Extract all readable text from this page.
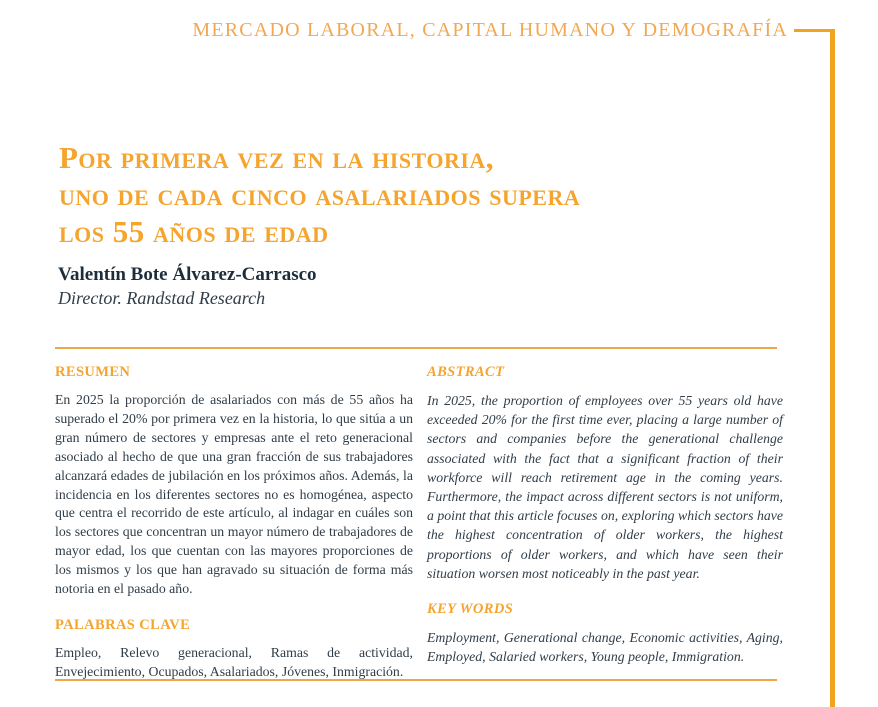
MERCADO LABORAL, CAPITAL HUMANO Y DEMOGRAFÍA
Por primera vez en la historia,
uno de cada cinco asalariados supera
los 55 años de edad
Valentín Bote Álvarez-Carrasco
Director. Randstad Research
RESUMEN

En 2025 la proporción de asalariados con más de 55 años ha superado el 20% por primera vez en la historia, lo que sitúa a un gran número de sectores y empresas ante el reto generacional asociado al hecho de que una gran fracción de sus trabajadores alcanzará edades de jubilación en los próximos años. Además, la incidencia en los diferentes sectores no es homogénea, aspecto que centra el recorrido de este artículo, al indagar en cuáles son los sectores que concentran un mayor número de trabajadores de mayor edad, los que cuentan con las mayores proporciones de los mismos y los que han agravado su situación de forma más notoria en el pasado año.

PALABRAS CLAVE

Empleo, Relevo generacional, Ramas de actividad, Envejecimiento, Ocupados, Asalariados, Jóvenes, Inmigración.

ABSTRACT

In 2025, the proportion of employees over 55 years old have exceeded 20% for the first time ever, placing a large number of sectors and companies before the generational challenge associated with the fact that a significant fraction of their workforce will reach retirement age in the coming years. Furthermore, the impact across different sectors is not uniform, a point that this article focuses on, exploring which sectors have the highest concentration of older workers, the highest proportions of older workers, and which have seen their situation worsen most noticeably in the past year.

KEY WORDS

Employment, Generational change, Economic activities, Aging, Employed, Salaried workers, Young people, Immigration.
